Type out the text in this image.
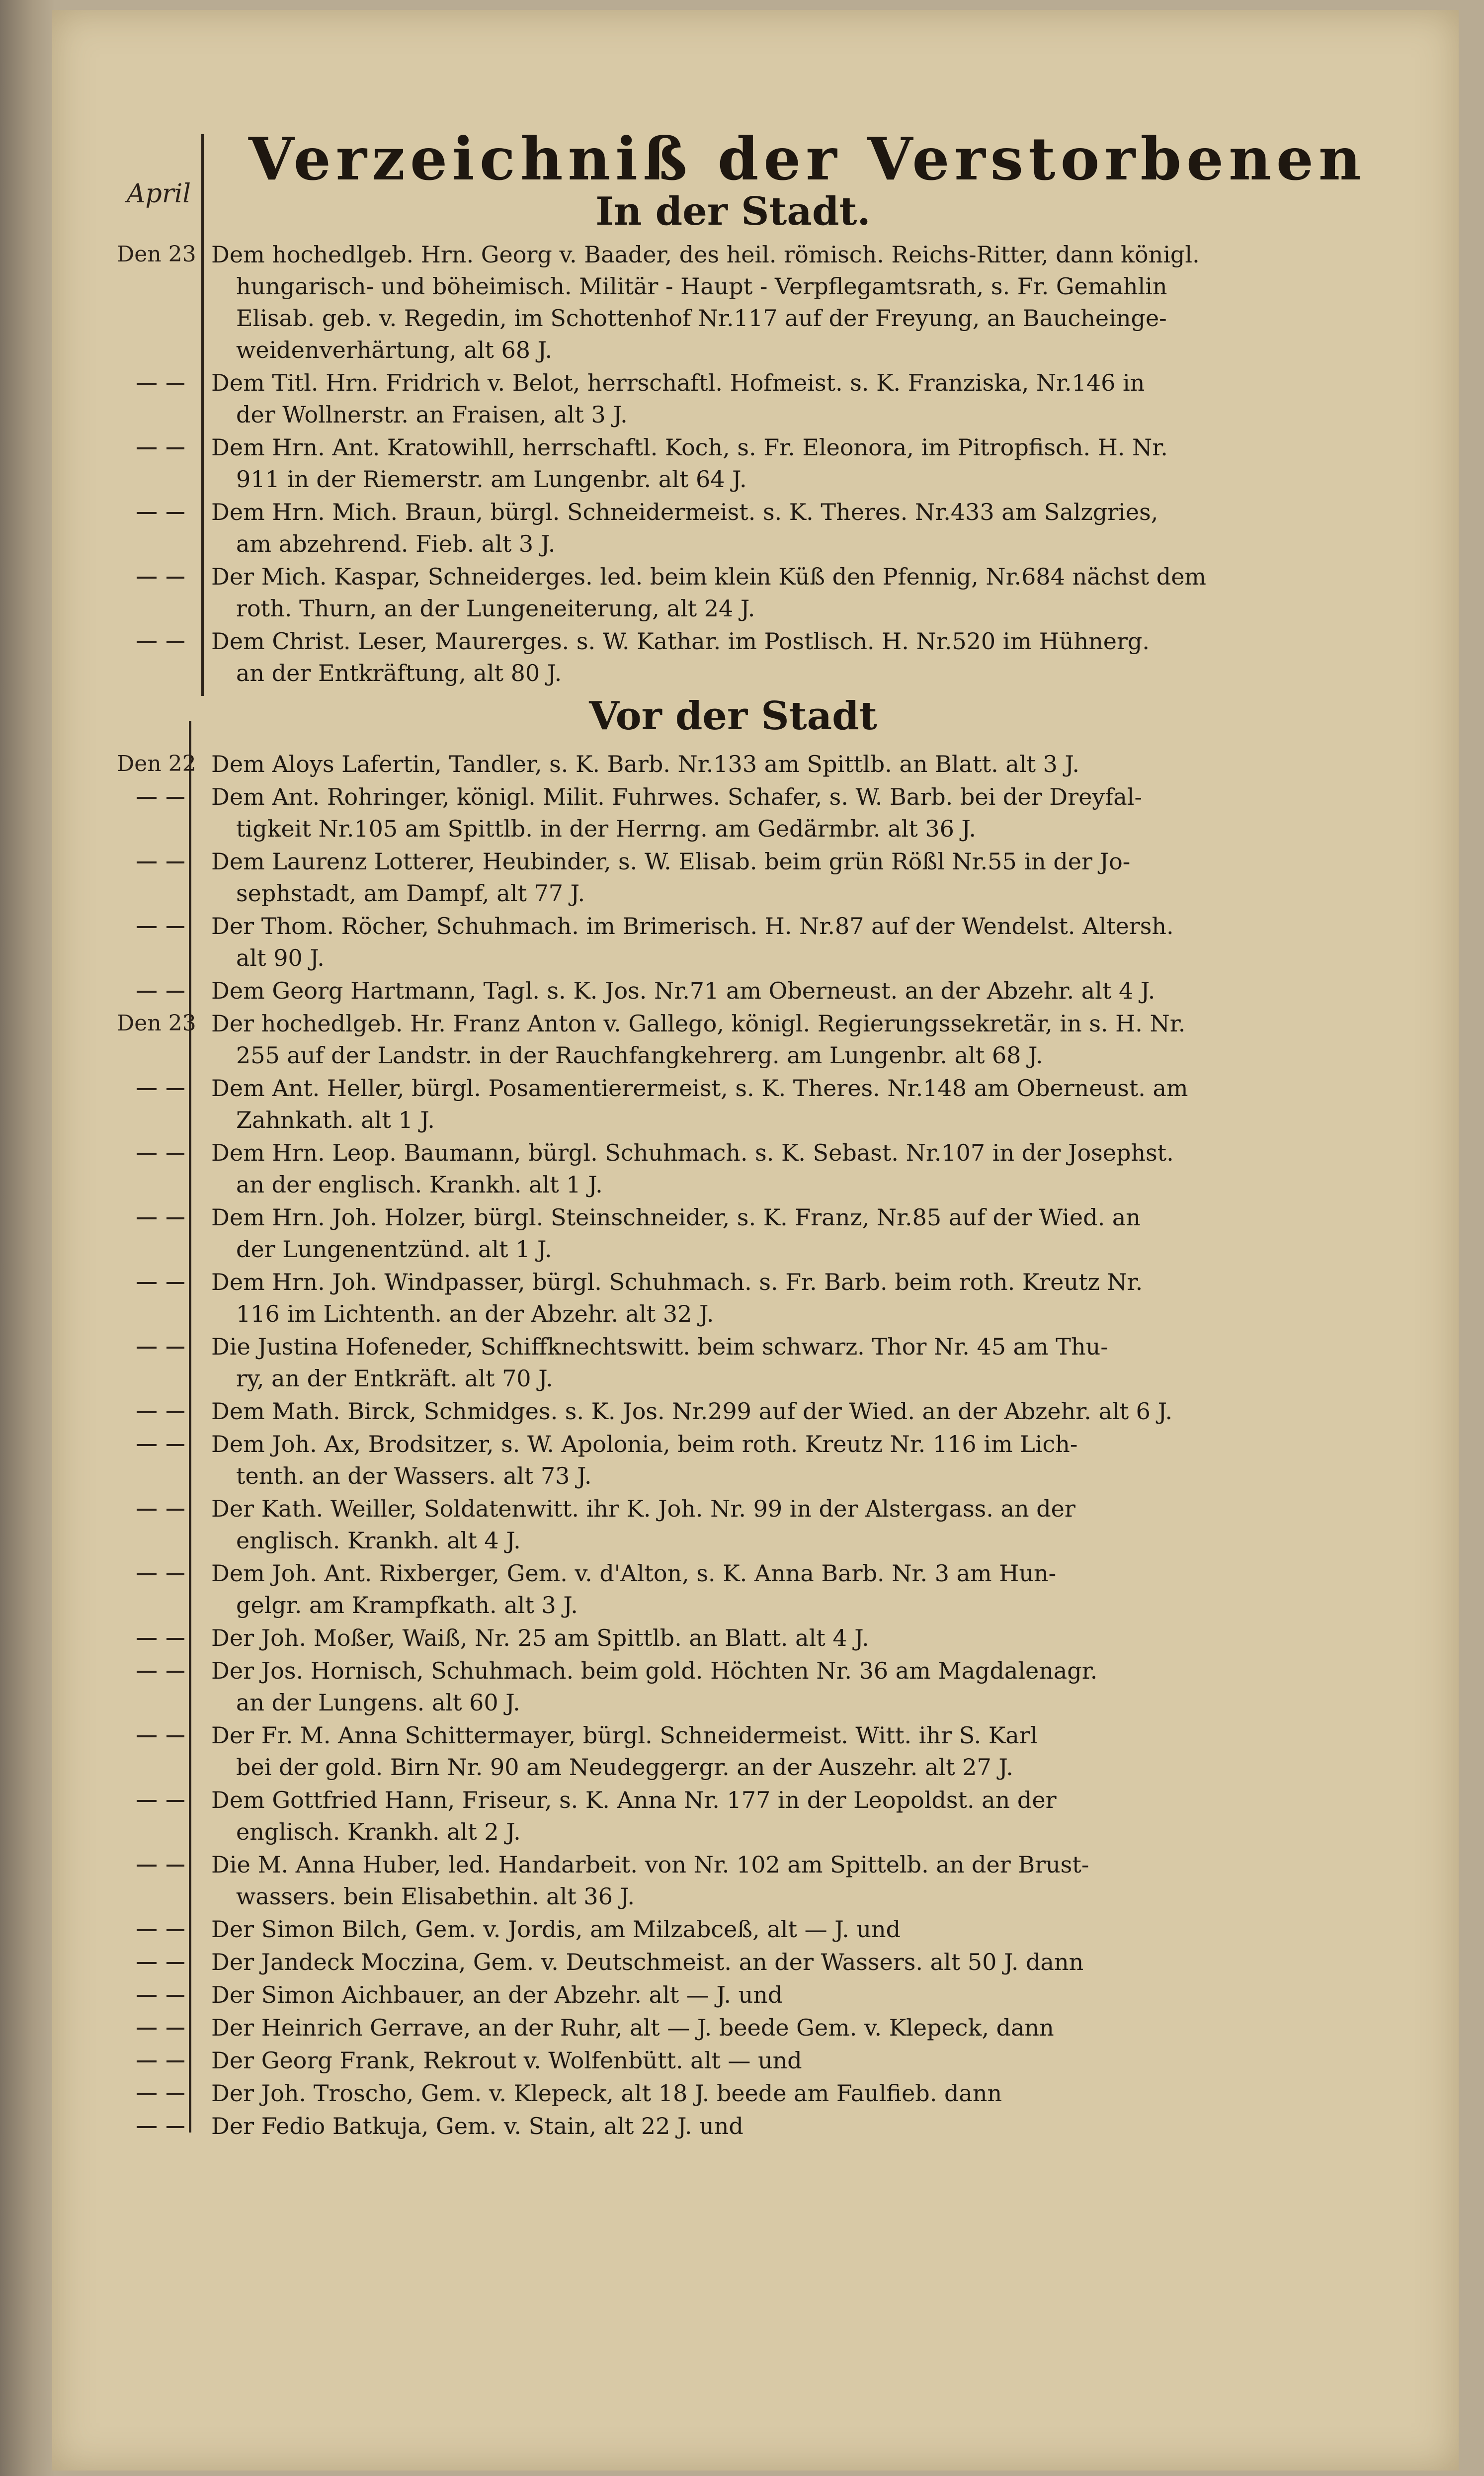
Verzeichniß der Verstorbenen
April	In der Stadt.
Den 23 Dem hochedlgeb. Hrn. Georg v. Baader, des heil. römisch. Reichs-Ritter, dann königl.
hungarisch- und böheimisch. Militär - Haupt - Verpflegamtsrath, s. Fr. Gemahlin
Elisab. geb. v. Regedin, im Schottenhof Nr.117 auf der Freyung, an Baucheinge-
weidenverhärtung, alt 68 J.
Dem Titl. Hrn. Fridrich v. Belot, herrschaftl. Hofmeist. s. K. Franziska, Nr.146 in
der Wollnerstr. an Fraisen, alt 3 J.
Dem Hrn. Ant. Kratowihll, herrschaftl. Koch, s. Fr. Eleonora, im Pitropfisch. H. Nr.
911 in der Riemerstr. am Lungenbr. alt 64 J.
Dem Hrn. Mich. Braun, bürgl. Schneidermeist. s. K. Theres. Nr.433 am Salzgries,
am abzehrend. Fieb. alt 3 J.
Der Mich. Kaspar, Schneiderges. led. beim klein Küß den Pfennig, Nr.684 nächst dem
roth. Thurn, an der Lungeneiterung, alt 24 J.
Dem Christ. Leser, Maurerges. s. W. Kathar. im Postlisch. H. Nr.520 im Hühnerg.
an der Entkräftung, alt 80 J.
Vor der Stadt
Den 22 Dem Aloys Lafertin, Tandler, s. K. Barb. Nr.133 am Spittlb. an Blatt. alt 3 J.
Dem Ant. Rohringer, königl. Milit. Fuhrwes. Schafer, s. W. Barb. bei der Dreyfal-
tigkeit Nr.105 am Spittlb. in der Herrng. am Gedärmbr. alt 36 J.
Dem Laurenz Lotterer, Heubinder, s. W. Elisab. beim grün Rößl Nr.55 in der Jo-
sephstadt, am Dampf, alt 77 J.
Der Thom. Röcher, Schuhmach. im Brimerisch. H. Nr.87 auf der Wendelst. Altersh.
alt 90 J.
Dem Georg Hartmann, Tagl. s. K. Jos. Nr.71 am Oberneust. an der Abzehr. alt 4 J.
Den 23 Der hochedlgeb. Hr. Franz Anton v. Gallego, königl. Regierungssekretär, in s. H. Nr.
255 auf der Landstr. in der Rauchfangkehrerg. am Lungenbr. alt 68 J.
Dem Ant. Heller, bürgl. Posamentierermeist, s. K. Theres. Nr.148 am Oberneust. am
Zahnkath. alt 1 J.
Dem Hrn. Leop. Baumann, bürgl. Schuhmach. s. K. Sebast. Nr.107 in der Josephst.
an der englisch. Krankh. alt 1 J.
Dem Hrn. Joh. Holzer, bürgl. Steinschneider, s. K. Franz, Nr.85 auf der Wied. an
der Lungenentzünd. alt 1 J.
Dem Hrn. Joh. Windpasser, bürgl. Schuhmach. s. Fr. Barb. beim roth. Kreutz Nr.
116 im Lichtenth. an der Abzehr. alt 32 J.
Die Justina Hofeneder, Schiffknechtswitt. beim schwarz. Thor Nr. 45 am Thu-
ry, an der Entkräft. alt 70 J.
Dem Math. Birck, Schmidges. s. K. Jos. Nr.299 auf der Wied. an der Abzehr. alt 6 J.
Dem Joh. Ax, Brodsitzer, s. W. Apolonia, beim roth. Kreutz Nr. 116 im Lich-
tenth. an der Wassers. alt 73 J.
Der Kath. Weiller, Soldatenwitt. ihr K. Joh. Nr. 99 in der Alstergass. an der
englisch. Krankh. alt 4 J.
Dem Joh. Ant. Rixberger, Gem. v. d'Alton, s. K. Anna Barb. Nr. 3 am Hun-
gelgr. am Krampfkath. alt 3 J.
Der Joh. Moßer, Waiß, Nr. 25 am Spittlb. an Blatt. alt 4 J.
Der Jos. Hornisch, Schuhmach. beim gold. Höchten Nr. 36 am Magdalenagr.
an der Lungens. alt 60 J.
Der Fr. M. Anna Schittermayer, bürgl. Schneidermeist. Witt. ihr S. Karl
bei der gold. Birn Nr. 90 am Neudeggergr. an der Auszehr. alt 27 J.
Dem Gottfried Hann, Friseur, s. K. Anna Nr. 177 in der Leopoldst. an der
englisch. Krankh. alt 2 J.
Die M. Anna Huber, led. Handarbeit. von Nr. 102 am Spittelb. an der Brust-
wassers. bein Elisabethin. alt 36 J.
Der Simon Bilch, Gem. v. Jordis, am Milzabceß, alt — J. und
Der Jandeck Moczina, Gem. v. Deutschmeist. an der Wassers. alt 50 J. dann
Der Simon Aichbauer, an der Abzehr. alt — J. und
Der Heinrich Gerrave, an der Ruhr, alt — J. beede Gem. v. Klepeck, dann
Der Georg Frank, Rekrout v. Wolfenbütt. alt — und
Der Joh. Troscho, Gem. v. Klepeck, alt 18 J. beede am Faulfieb. dann
Der Fedio Batkuja, Gem. v. Stain, alt 22 J. und
